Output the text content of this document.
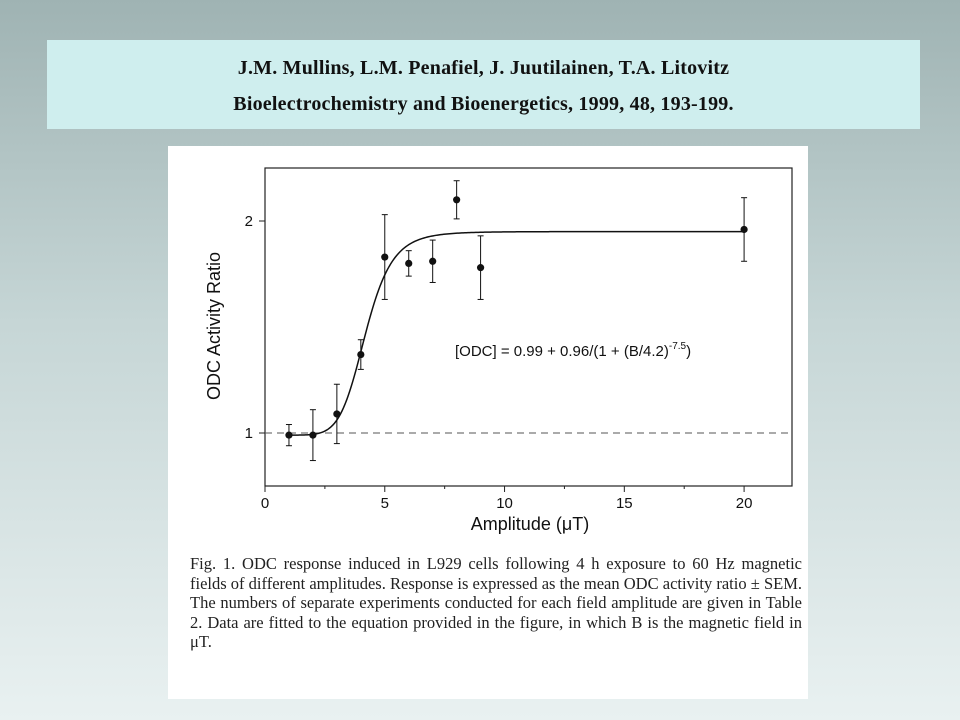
J.M. Mullins, L.M. Penafiel, J. Juutilainen, T.A. Litovitz
Bioelectrochemistry and Bioenergetics, 1999, 48, 193-199.
0	5	10	15	20
1
2
$[ODC] = 0.99 + 0.96/(1 + (B/4.2)^{-7.5})$
Amplitude (μT)
ODC Activity Ratio
Fig. 1. ODC response induced in L929 cells following 4 h exposure to 60 Hz magnetic fields of different amplitudes. Response is expressed as the mean ODC activity ratio ± SEM. The numbers of separate experiments conducted for each field amplitude are given in Table 2. Data are fitted to the equation provided in the figure, in which B is the magnetic field in μT.
